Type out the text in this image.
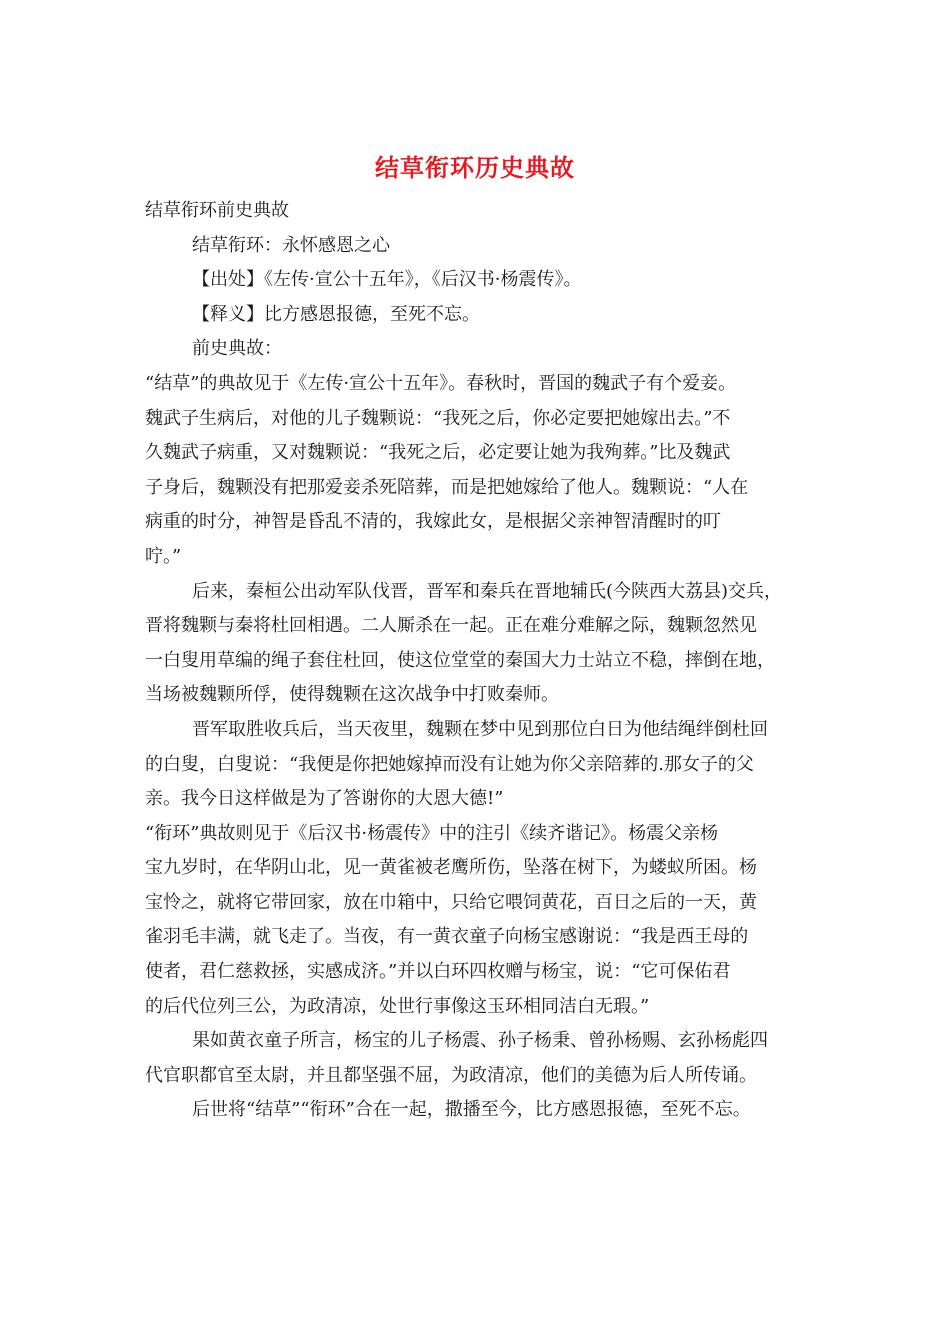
结草衔环历史典故
结草衔环前史典故
结草衔环：永怀感恩之心
【出处】《左传·宣公十五年》，《后汉书·杨震传》。
【释义】比方感恩报德，至死不忘。
前史典故：
“结草”的典故见于《左传·宣公十五年》。春秋时，晋国的魏武子有个爱妾。
魏武子生病后，对他的儿子魏颗说：“我死之后，你必定要把她嫁出去。”不
久魏武子病重，又对魏颗说：“我死之后，必定要让她为我殉葬。”比及魏武
子身后，魏颗没有把那爱妾杀死陪葬，而是把她嫁给了他人。魏颗说：“人在
病重的时分，神智是昏乱不清的，我嫁此女，是根据父亲神智清醒时的叮
咛。”
后来，秦桓公出动军队伐晋，晋军和秦兵在晋地辅氏(今陕西大荔县)交兵，
晋将魏颗与秦将杜回相遇。二人厮杀在一起。正在难分难解之际，魏颗忽然见
一白叟用草编的绳子套住杜回，使这位堂堂的秦国大力士站立不稳，摔倒在地，
当场被魏颗所俘，使得魏颗在这次战争中打败秦师。
晋军取胜收兵后，当天夜里，魏颗在梦中见到那位白日为他结绳绊倒杜回
的白叟，白叟说：“我便是你把她嫁掉而没有让她为你父亲陪葬的.那女子的父
亲。我今日这样做是为了答谢你的大恩大德!”
“衔环”典故则见于《后汉书·杨震传》中的注引《续齐谐记》。杨震父亲杨
宝九岁时，在华阴山北，见一黄雀被老鹰所伤，坠落在树下，为蝼蚁所困。杨
宝怜之，就将它带回家，放在巾箱中，只给它喂饲黄花，百日之后的一天，黄
雀羽毛丰满，就飞走了。当夜，有一黄衣童子向杨宝感谢说：“我是西王母的
使者，君仁慈救拯，实感成济。”并以白环四枚赠与杨宝，说：“它可保佑君
的后代位列三公，为政清凉，处世行事像这玉环相同洁白无瑕。”
果如黄衣童子所言，杨宝的儿子杨震、孙子杨秉、曾孙杨赐、玄孙杨彪四
代官职都官至太尉，并且都坚强不屈，为政清凉，他们的美德为后人所传诵。
后世将“结草”“衔环”合在一起，撒播至今，比方感恩报德，至死不忘。
